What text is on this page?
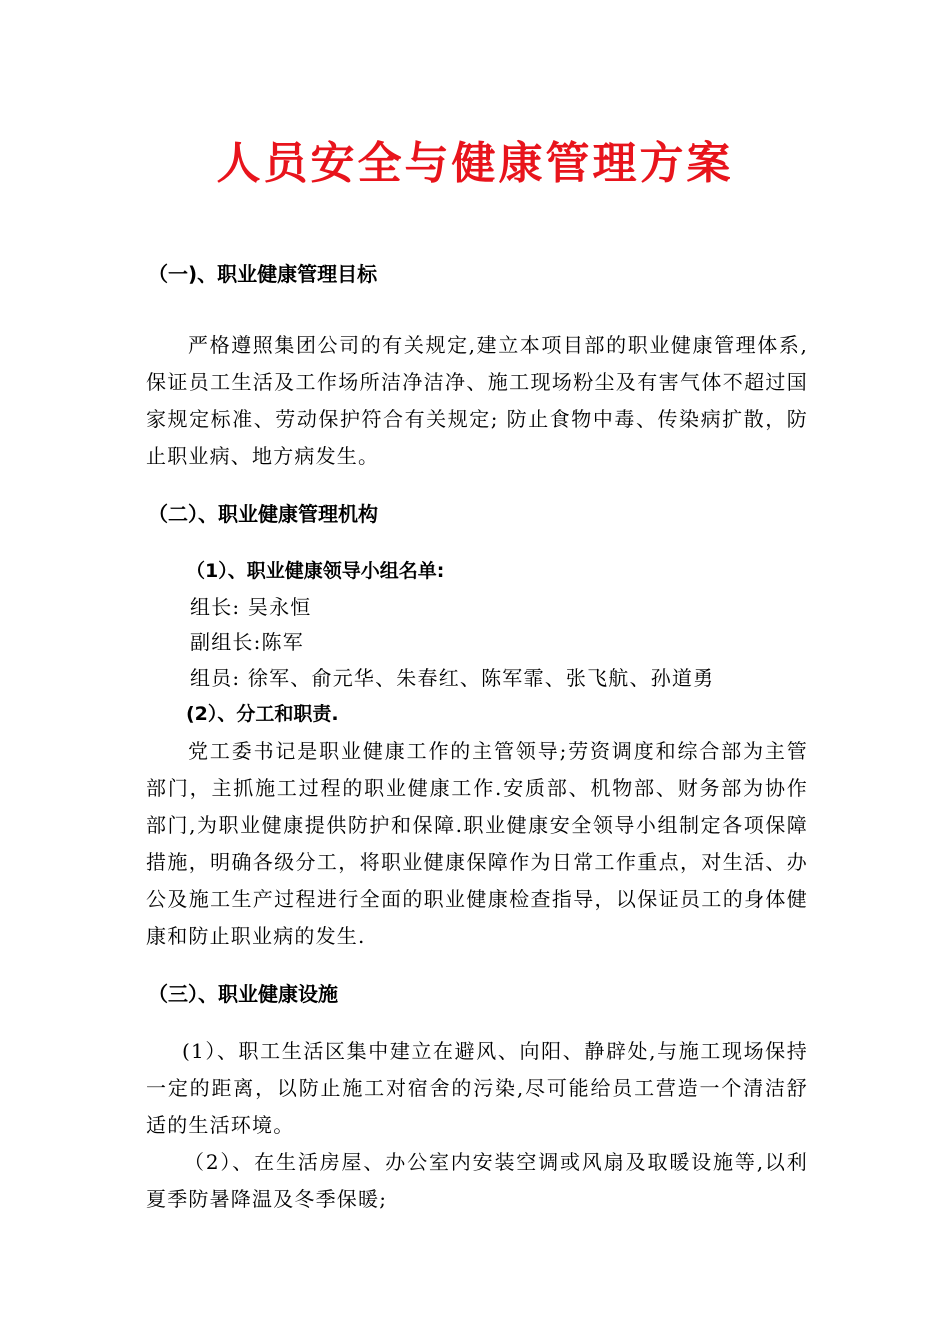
人员安全与健康管理方案
（一)、职业健康管理目标
严格遵照集团公司的有关规定,建立本项目部的职业健康管理体系,保证员工生活及工作场所洁净洁净、施工现场粉尘及有害气体不超过国家规定标准、劳动保护符合有关规定; 防止食物中毒、传染病扩散，防止职业病、地方病发生。
（二）、职业健康管理机构
（1）、职业健康领导小组名单:
组长: 吴永恒
副组长:陈军
组员: 徐军、俞元华、朱春红、陈军霏、张飞航、孙道勇
(2）、分工和职责.
党工委书记是职业健康工作的主管领导;劳资调度和综合部为主管部门，主抓施工过程的职业健康工作.安质部、机物部、财务部为协作部门,为职业健康提供防护和保障.职业健康安全领导小组制定各项保障措施，明确各级分工，将职业健康保障作为日常工作重点，对生活、办公及施工生产过程进行全面的职业健康检查指导，以保证员工的身体健康和防止职业病的发生.
（三）、职业健康设施
(1）、职工生活区集中建立在避风、向阳、静辟处,与施工现场保持一定的距离，以防止施工对宿舍的污染,尽可能给员工营造一个清洁舒适的生活环境。
（2）、在生活房屋、办公室内安装空调或风扇及取暖设施等,以利夏季防暑降温及冬季保暖;
